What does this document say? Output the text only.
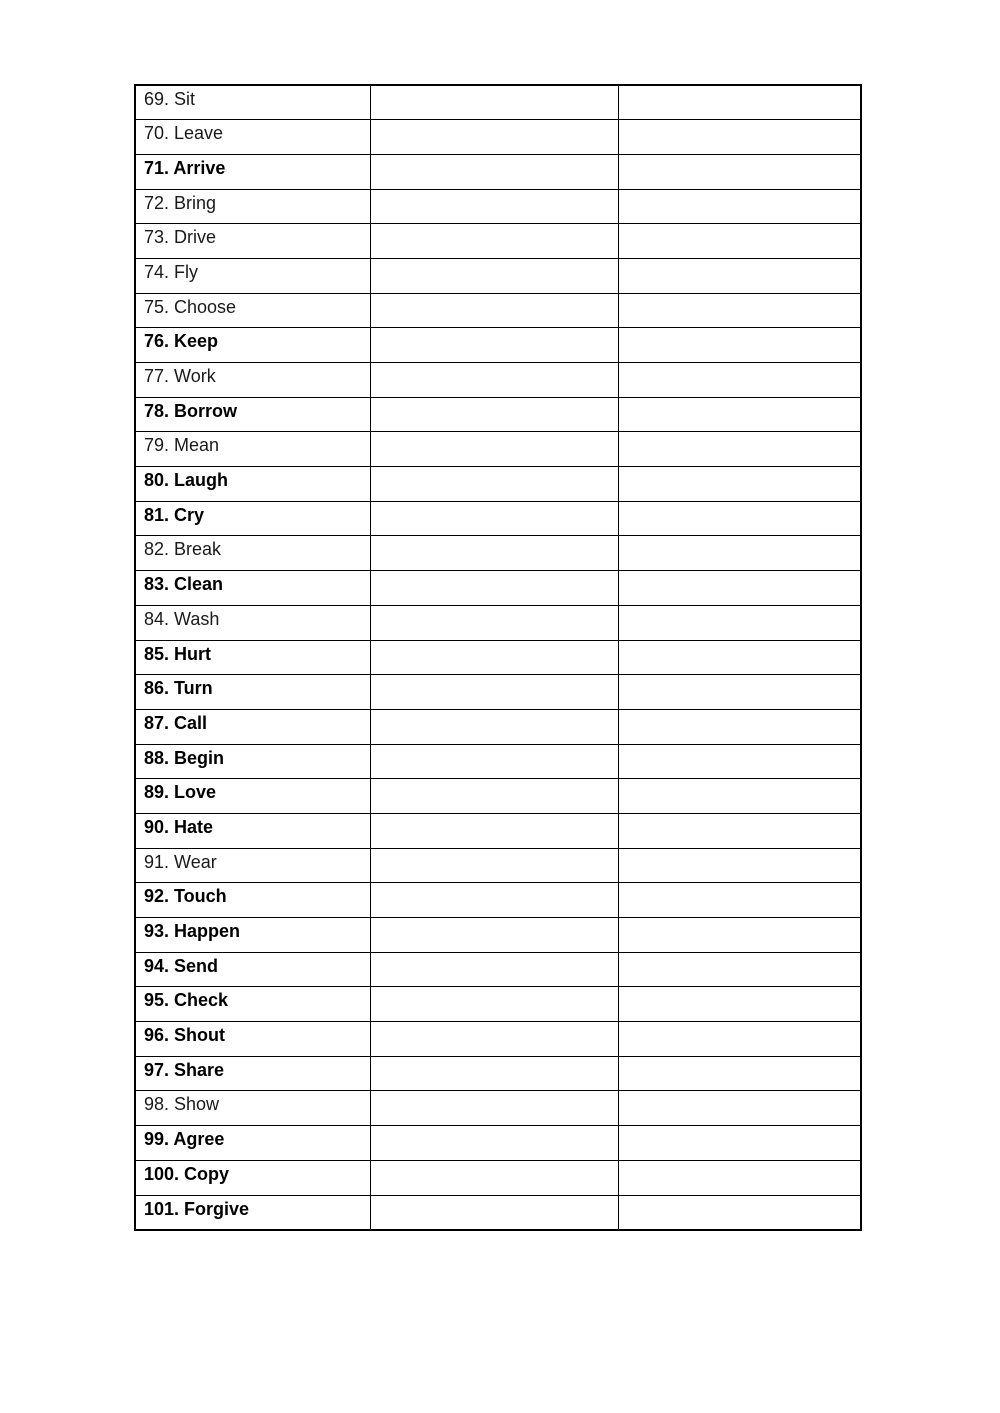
69. Sit		
70. Leave		
71. Arrive		
72. Bring		
73. Drive		
74. Fly		
75. Choose		
76. Keep		
77. Work		
78. Borrow		
79. Mean		
80. Laugh		
81. Cry		
82. Break		
83. Clean		
84. Wash		
85. Hurt		
86. Turn		
87. Call		
88. Begin		
89. Love		
90. Hate		
91. Wear		
92. Touch		
93. Happen		
94. Send		
95. Check		
96. Shout		
97. Share		
98. Show		
99. Agree		
100. Copy		
101. Forgive		
